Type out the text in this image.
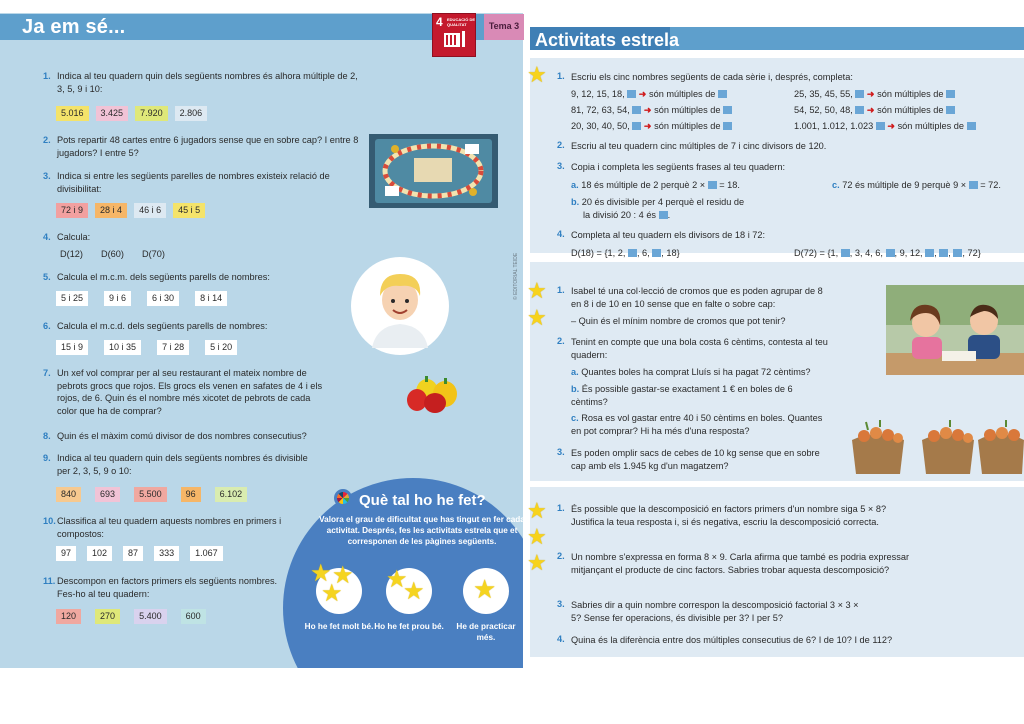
Ja em sé...	4 EDUCACIÓ DE QUALITAT	Tema 3
© EDITORIAL TEIDE
1. Indica al teu quadern quin dels següents nombres és alhora múltiple de 2, 3, 5, 9 i 10:
5.016	3.425	7.920	2.806
2. Pots repartir 48 cartes entre 6 jugadors sense que en sobre cap? I entre 8 jugadors? I entre 5?
3. Indica si entre les següents parelles de nombres existeix relació de divisibilitat:
72 i 9	28 i 4	46 i 6	45 i 5
4. Calcula:
D(12) D(60) D(70)
5. Calcula el m.c.m. dels següents parells de nombres:
5 i 25	9 i 6	6 i 30	8 i 14
6. Calcula el m.c.d. dels següents parells de nombres:
15 i 9	10 i 35	7 i 28	5 i 20
7. Un xef vol comprar per al seu restaurant el mateix nombre de pebrots grocs que rojos. Els grocs els venen en safates de 4 i els rojos, de 6. Quin és el nombre més xicotet de pebrots de cada color que ha de comprar?
8. Quin és el màxim comú divisor de dos nombres consecutius?
9. Indica al teu quadern quin dels següents nombres és divisible per 2, 3, 5, 9 o 10:
840	693	5.500	96	6.102
10. Classifica al teu quadern aquests nombres en primers i compostos:
97	102	87	333	1.067
11. Descompon en factors primers els següents nombres. Fes-ho al teu quadern:
120	270	5.400	600
Què tal ho he fet?
Valora el grau de dificultat que has tingut en fer cada activitat. Després, fes les activitats estrela que et corresponen de les pàgines següents.
★ ★
★
★
★ ★
Ho he fet molt bé. Ho he fet prou bé.	He de practicar més.
Activitats estrela
★ 1. Escriu els cinc nombres següents de cada sèrie i, després, completa:
9, 12, 15, 18, ➜ són múltiples de	25, 35, 45, 55, ➜ són múltiples de
81, 72, 63, 54, ➜ són múltiples de	54, 52, 50, 48, ➜ són múltiples de
20, 30, 40, 50, ➜ són múltiples de	1.001, 1.012, 1.023 ➜ són múltiples de
2. Escriu al teu quadern cinc múltiples de 7 i cinc divisors de 120.
3. Copia i completa les següents frases al teu quadern:
a. 18 és múltiple de 2 perquè 2 × = 18.	c. 72 és múltiple de 9 perquè 9 × = 72.
b. 20 és divisible per 4 perquè el residu de
la divisió 20 : 4 és .
4. Completa al teu quadern els divisors de 18 i 72:
D(18) = {1, 2, , 6, , 18}	D(72) = {1, , 3, 4, 6, , 9, 12, , , , 72}
★
★
1. Isabel té una col·lecció de cromos que es poden agrupar de 8 en 8 i de 10 en 10 sense que en falte o sobre cap:
– Quin és el mínim nombre de cromos que pot tenir?
2. Tenint en compte que una bola costa 6 cèntims, contesta al teu quadern:
a. Quantes boles ha comprat Lluís si ha pagat 72 cèntims?
b. És possible gastar-se exactament 1 € en boles de 6 cèntims?
c. Rosa es vol gastar entre 40 i 50 cèntims en boles. Quantes en pot comprar? Hi ha més d'una resposta?
3. Es poden omplir sacs de cebes de 10 kg sense que en sobre cap amb els 1.945 kg d'un magatzem?
★
★
★
1. És possible que la descomposició en factors primers d'un nombre siga 5 × 8? Justifica la teua resposta i, si és negativa, escriu la descomposició correcta.
2. Un nombre s'expressa en forma 8 × 9. Carla afirma que també es podria expressar mitjançant el producte de cinc factors. Sabries trobar aquesta descomposició?
3. Sabries dir a quin nombre correspon la descomposició factorial 3 × 3 × 5? Sense fer operacions, és divisible per 3? I per 5?
4. Quina és la diferència entre dos múltiples consecutius de 6? I de 10? I de 112?
